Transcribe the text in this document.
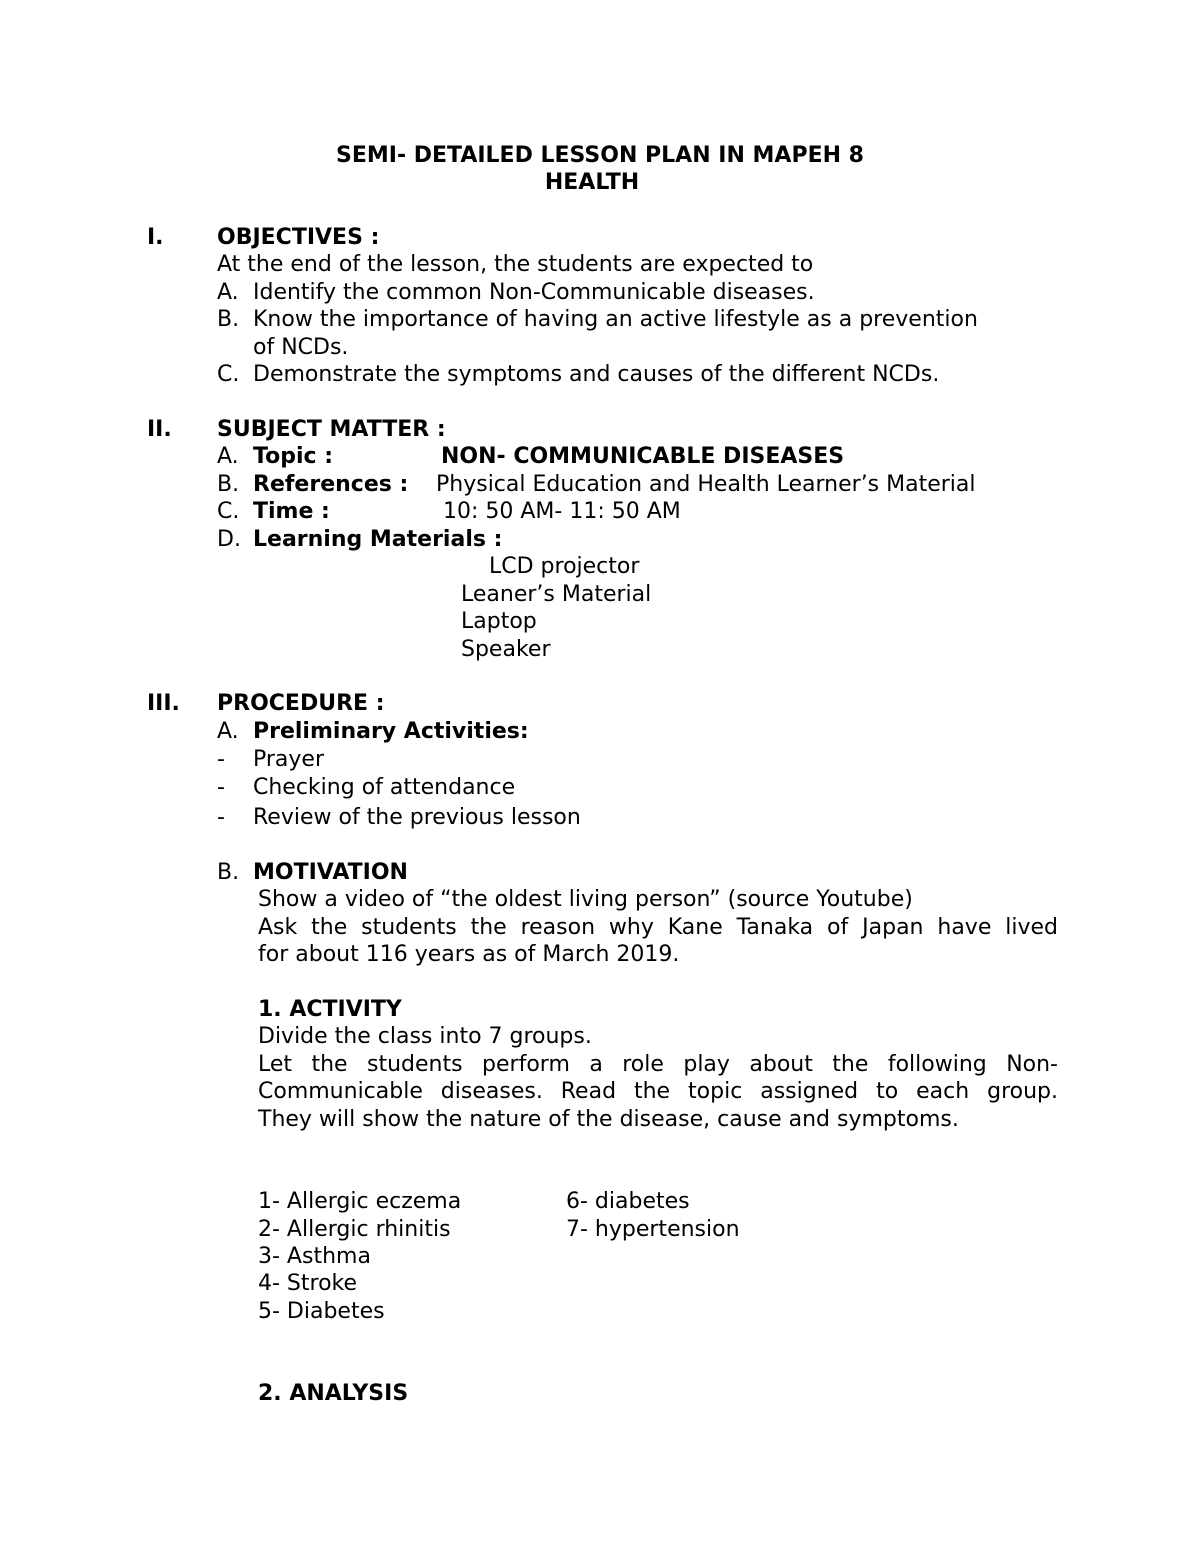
SEMI- DETAILED LESSON PLAN IN MAPEH 8
HEALTH
I. OBJECTIVES :
At the end of the lesson, the students are expected to
A. Identify the common Non-Communicable diseases.
B. Know the importance of having an active lifestyle as a prevention
of NCDs.
C. Demonstrate the symptoms and causes of the different NCDs.
II. SUBJECT MATTER :
A. Topic :	NON- COMMUNICABLE DISEASES
B. References : Physical Education and Health Learner’s Material
C. Time :	10: 50 AM- 11: 50 AM
D. Learning Materials :
LCD projector
Leaner’s Material
Laptop
Speaker
III. PROCEDURE :
A. Preliminary Activities:
- Prayer
- Checking of attendance
- Review of the previous lesson
B. MOTIVATION
Show a video of “the oldest living person” (source Youtube)
Ask the students the reason why Kane Tanaka of Japan have lived
for about 116 years as of March 2019.
1. ACTIVITY
Divide the class into 7 groups.
Let the students perform a role play about the following Non-
Communicable diseases. Read the topic assigned to each group.
They will show the nature of the disease, cause and symptoms.
1- Allergic eczema
2- Allergic rhinitis
3- Asthma
4- Stroke
5- Diabetes
6- diabetes
7- hypertension
2. ANALYSIS
